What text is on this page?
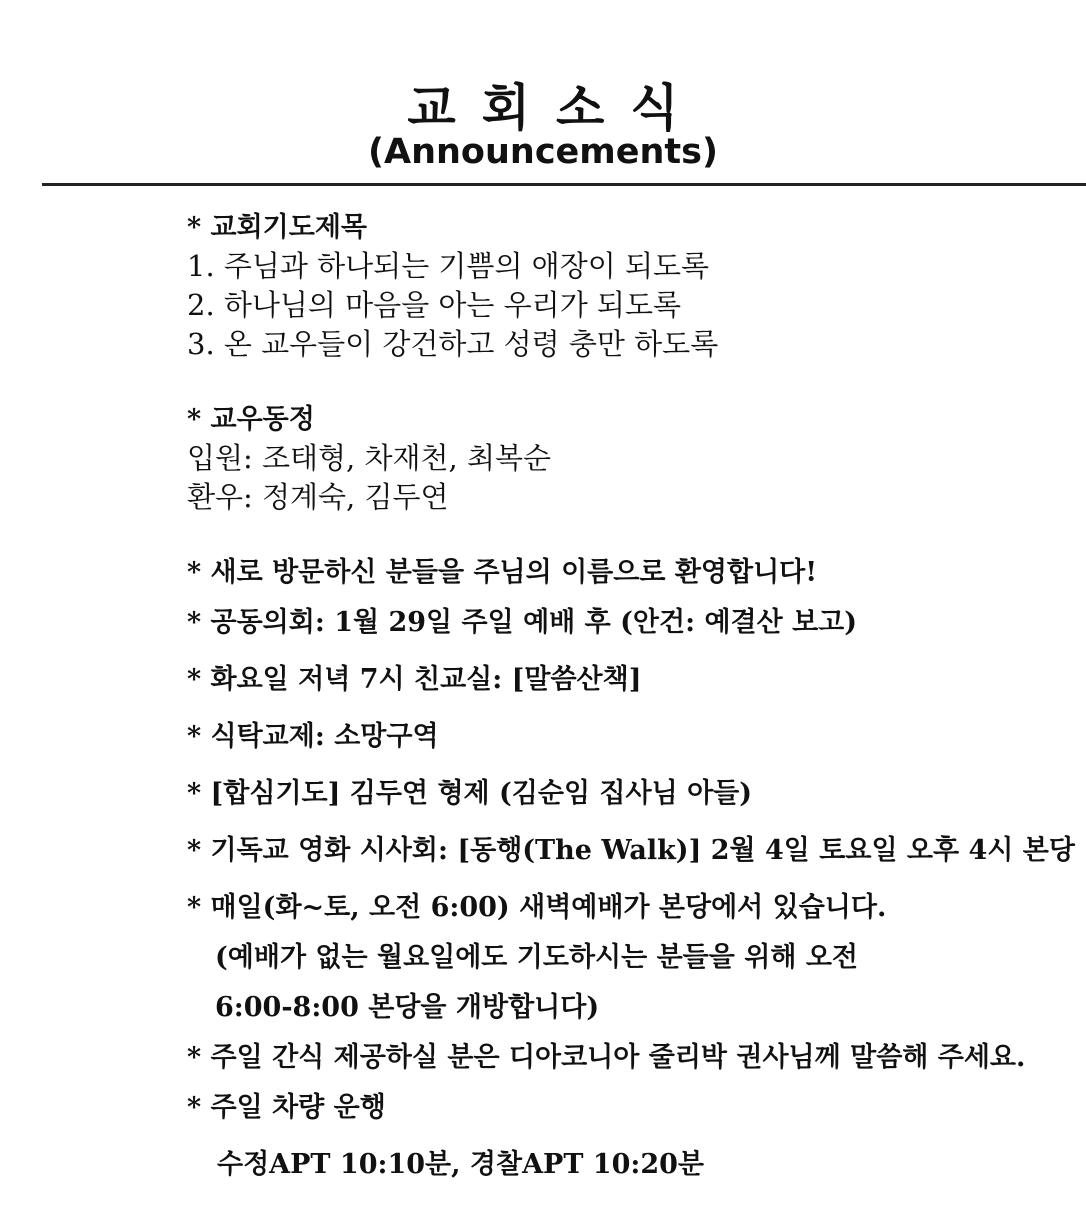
교회소식
(Announcements)
* 교회기도제목
1. 주님과 하나되는 기쁨의 애장이 되도록
2. 하나님의 마음을 아는 우리가 되도록
3. 온 교우들이 강건하고 성령 충만 하도록
* 교우동정
입원: 조태형, 차재천, 최복순
환우: 정계숙, 김두연
* 새로 방문하신 분들을 주님의 이름으로 환영합니다!
* 공동의회: 1월 29일 주일 예배 후 (안건: 예결산 보고)
* 화요일 저녁 7시 친교실: [말씀산책]
* 식탁교제: 소망구역
* [합심기도] 김두연 형제 (김순임 집사님 아들)
* 기독교 영화 시사회: [동행(The Walk)] 2월 4일 토요일 오후 4시 본당
* 매일(화~토, 오전 6:00) 새벽예배가 본당에서 있습니다.
(예배가 없는 월요일에도 기도하시는 분들을 위해 오전
6:00-8:00 본당을 개방합니다)
* 주일 간식 제공하실 분은 디아코니아 줄리박 권사님께 말씀해 주세요.
* 주일 차량 운행
수정APT 10:10분, 경찰APT 10:20분
